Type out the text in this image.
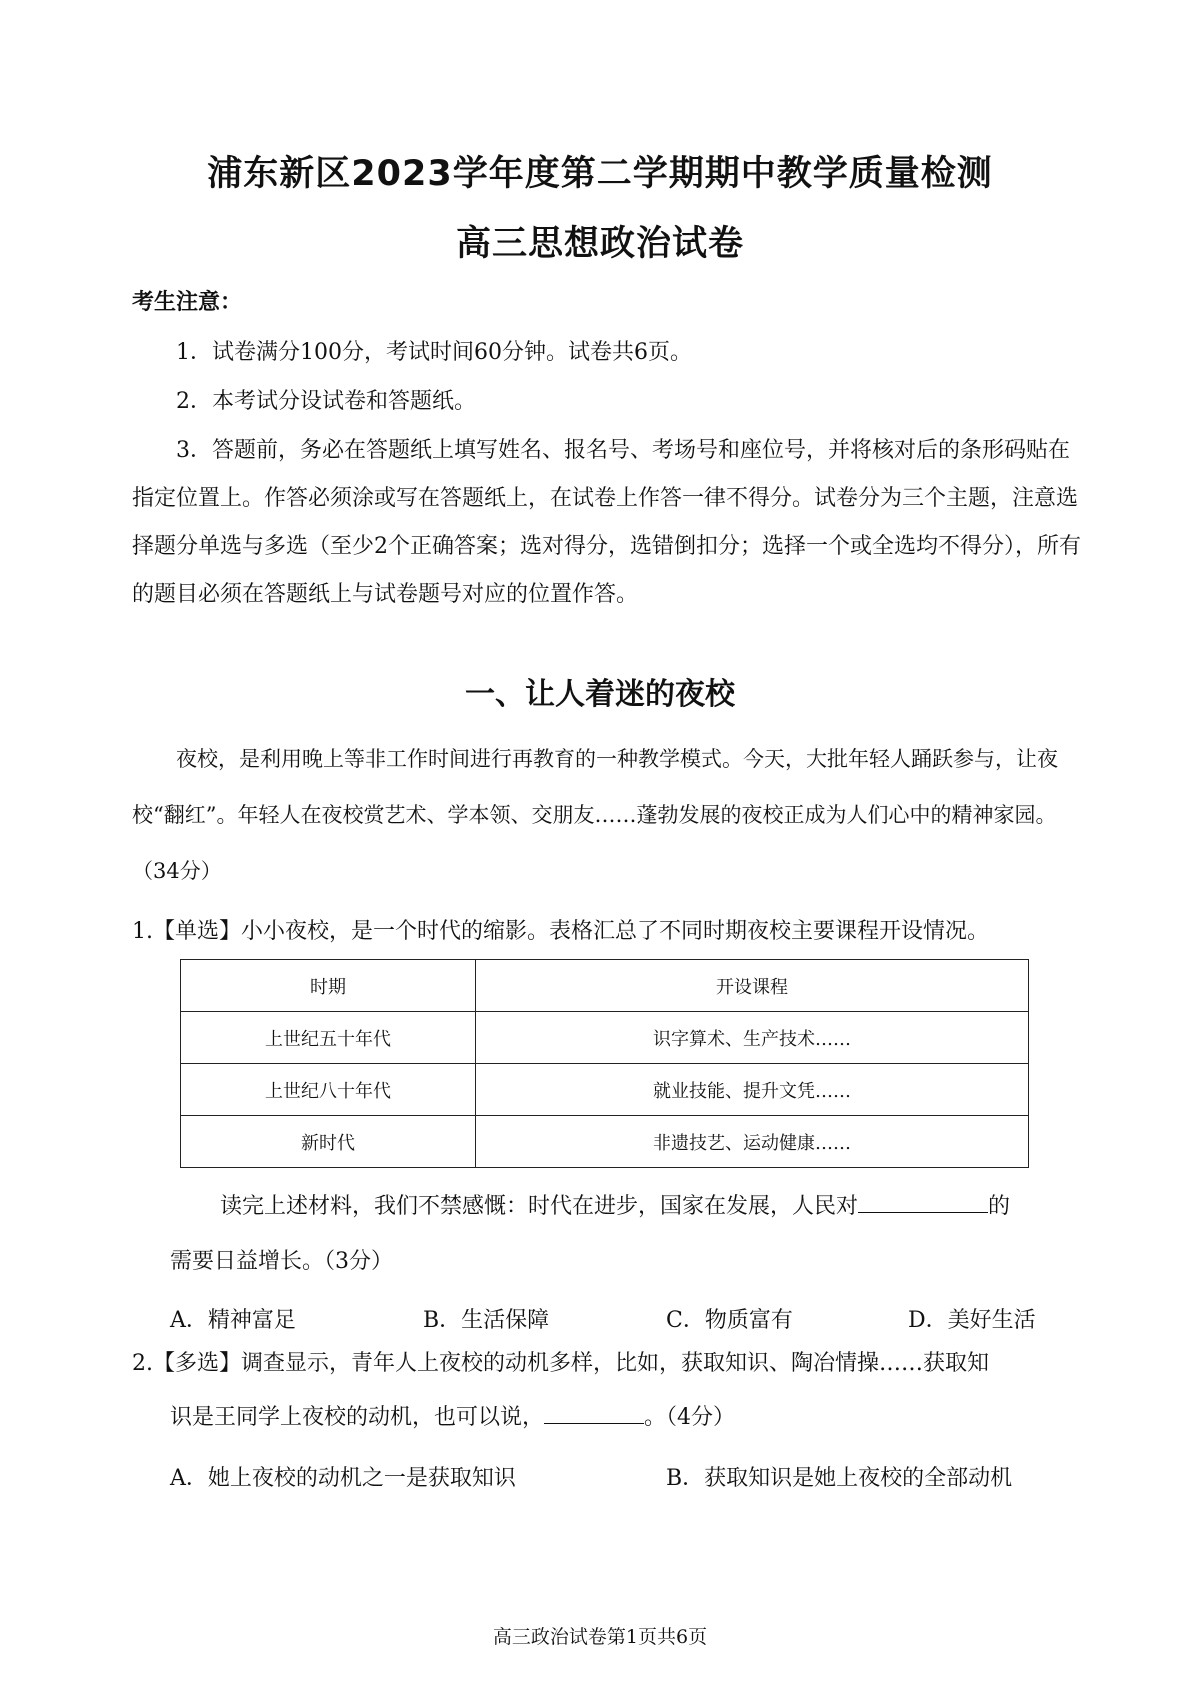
浦东新区2023学年度第二学期期中教学质量检测
高三思想政治试卷
考生注意：
1．试卷满分100分，考试时间60分钟。试卷共6页。
2．本考试分设试卷和答题纸。
3．答题前，务必在答题纸上填写姓名、报名号、考场号和座位号，并将核对后的条形码贴在指定位置上。作答必须涂或写在答题纸上，在试卷上作答一律不得分。试卷分为三个主题，注意选择题分单选与多选（至少2个正确答案；选对得分，选错倒扣分；选择一个或全选均不得分），所有的题目必须在答题纸上与试卷题号对应的位置作答。
一、让人着迷的夜校
夜校，是利用晚上等非工作时间进行再教育的一种教学模式。今天，大批年轻人踊跃参与，让夜校“翻红”。年轻人在夜校赏艺术、学本领、交朋友……蓬勃发展的夜校正成为人们心中的精神家园。（34分）
1.【单选】小小夜校，是一个时代的缩影。表格汇总了不同时期夜校主要课程开设情况。
时期	开设课程
上世纪五十年代	识字算术、生产技术……
上世纪八十年代	就业技能、提升文凭……
新时代	非遗技艺、运动健康……
读完上述材料，我们不禁感慨：时代在进步，国家在发展，人民对	的
需要日益增长。（3分）
A．精神富足	B．生活保障	C．物质富有	D．美好生活
2.【多选】调查显示，青年人上夜校的动机多样，比如，获取知识、陶冶情操……获取知
识是王同学上夜校的动机，也可以说，	。（4分）
A．她上夜校的动机之一是获取知识	B．获取知识是她上夜校的全部动机
高三政治试卷第1页共6页
